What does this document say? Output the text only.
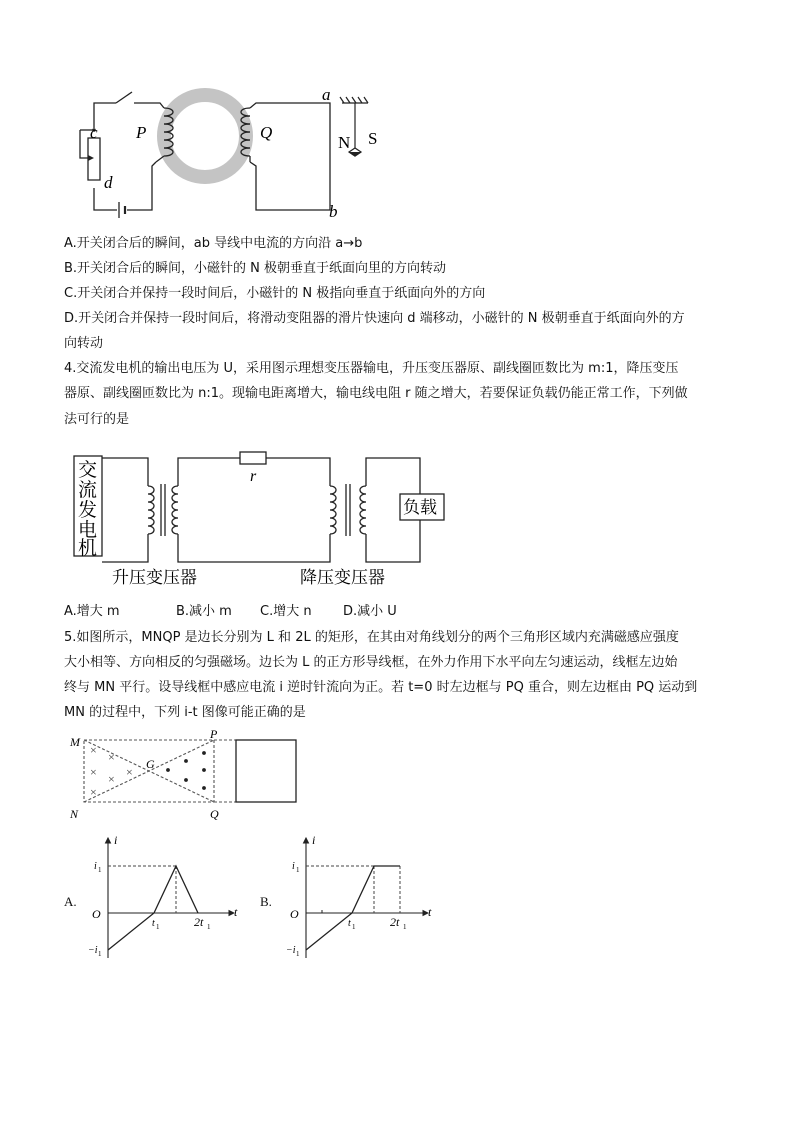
a
b
c
d
P	Q
N S
A.开关闭合后的瞬间，ab 导线中电流的方向沿 a→b
B.开关闭合后的瞬间，小磁针的 N 极朝垂直于纸面向里的方向转动
C.开关闭合并保持一段时间后，小磁针的 N 极指向垂直于纸面向外的方向
D.开关闭合并保持一段时间后，将滑动变阻器的滑片快速向 d 端移动，小磁针的 N 极朝垂直于纸面向外的方
向转动
4.交流发电机的输出电压为 U，采用图示理想变压器输电，升压变压器原、副线圈匝数比为 m:1，降压变压
器原、副线圈匝数比为 n:1。现输电距离增大，输电线电阻 r 随之增大，若要保证负载仍能正常工作，下列做
法可行的是
交
流
发
电
机
r
负载
升压变压器	降压变压器
A.增大 m	B.减小 m	C.增大 n	D.减小 U
5.如图所示，MNQP 是边长分别为 L 和 2L 的矩形，在其由对角线划分的两个三角形区域内充满磁感应强度
大小相等、方向相反的匀强磁场。边长为 L 的正方形导线框，在外力作用下水平向左匀速运动，线框左边始
终与 MN 平行。设导线框中感应电流 i 逆时针流向为正。若 t=0 时左边框与 PQ 重合，则左边框由 PQ 运动到
MN 的过程中，下列 i-t 图像可能正确的是
× ×
× × ×
×
M
N
P
Q
G
A.
i
t
O
i 1
−i 1
t 1	2t 1
B.
i
t
O
i 1
−i 1
t 1	2t 1
